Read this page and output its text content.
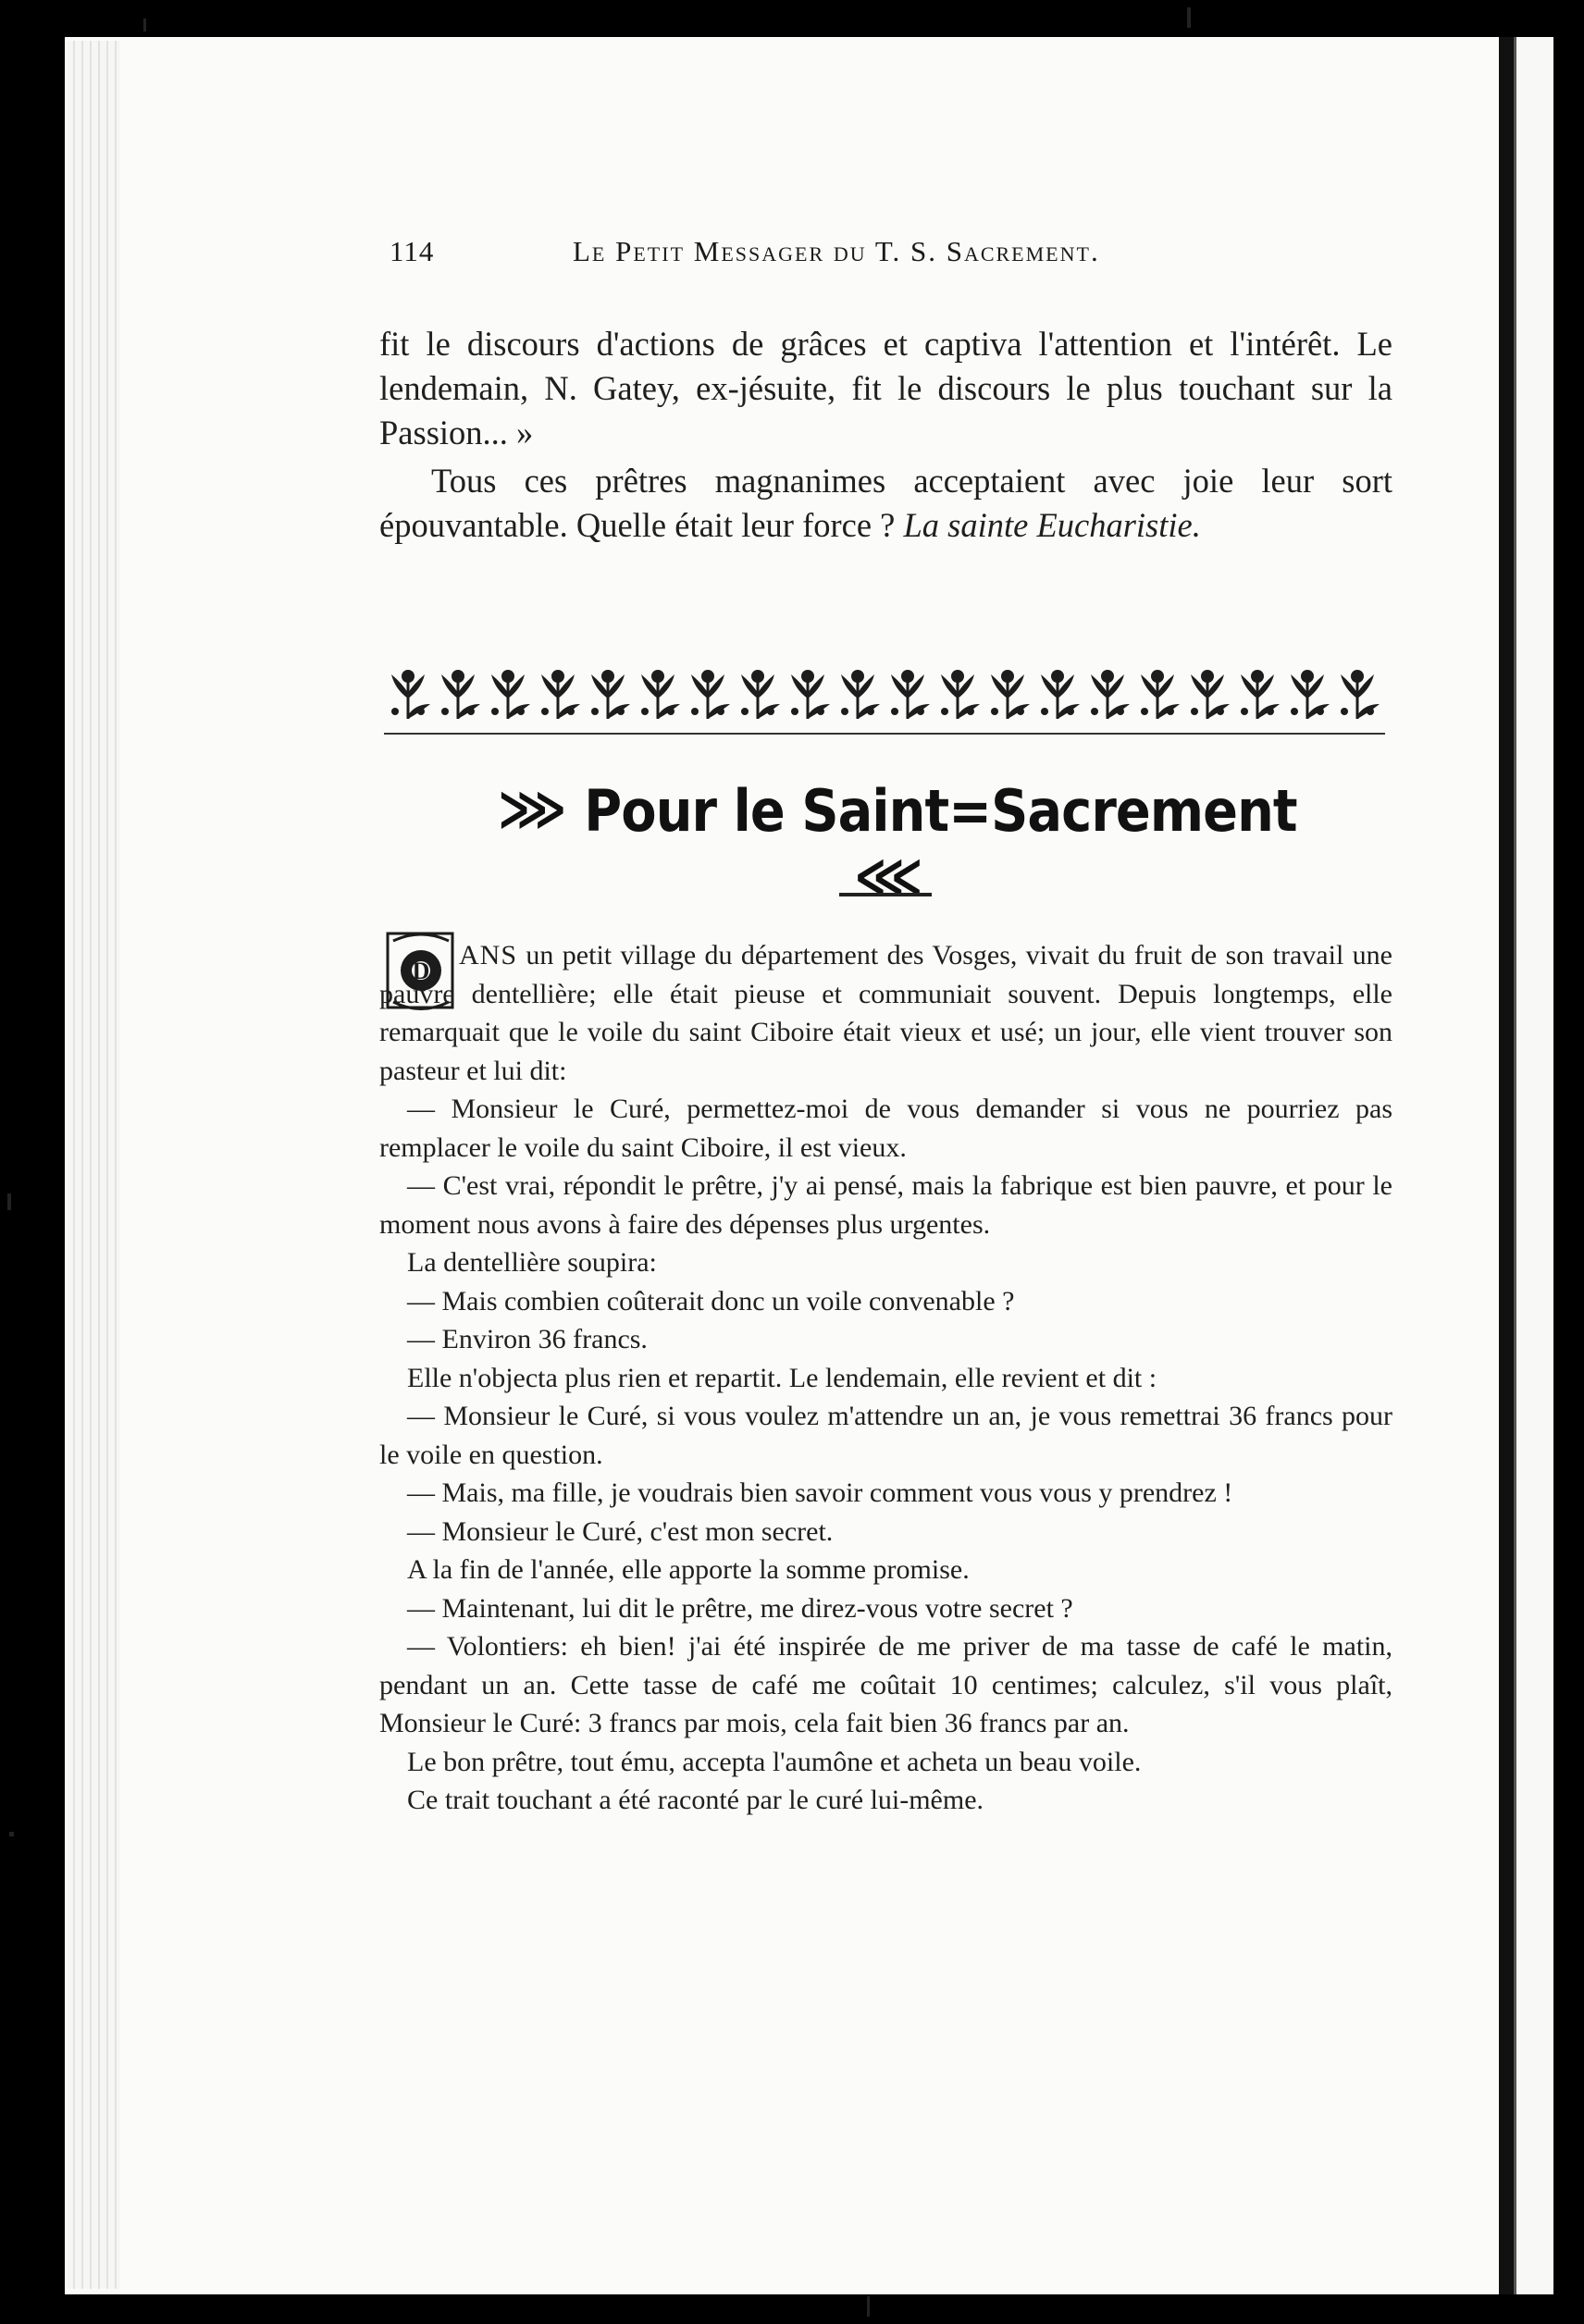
114	Le Petit Messager du T. S. Sacrement.

fit le discours d'actions de grâces et captiva l'attention et l'intérêt. Le lendemain, N. Gatey, ex-jésuite, fit le discours le plus touchant sur la Passion... »

Tous ces prêtres magnanimes acceptaient avec joie leur sort épouvantable. Quelle était leur force ? La sainte Eucharistie.

⋙ Pour le Saint=Sacrement⋘
D

ANS un petit village du département des Vosges, vivait du fruit de son travail une pauvre dentellière; elle était pieuse et communiait souvent. Depuis longtemps, elle remarquait que le voile du saint Ciboire était vieux et usé; un jour, elle vient trouver son pasteur et lui dit:

— Monsieur le Curé, permettez-moi de vous demander si vous ne pourriez pas remplacer le voile du saint Ciboire, il est vieux.

— C'est vrai, répondit le prêtre, j'y ai pensé, mais la fabrique est bien pauvre, et pour le moment nous avons à faire des dépenses plus urgentes.

La dentellière soupira:

— Mais combien coûterait donc un voile convenable ?

— Environ 36 francs.

Elle n'objecta plus rien et repartit. Le lendemain, elle revient et dit :

— Monsieur le Curé, si vous voulez m'attendre un an, je vous remettrai 36 francs pour le voile en question.

— Mais, ma fille, je voudrais bien savoir comment vous vous y prendrez !

— Monsieur le Curé, c'est mon secret.

A la fin de l'année, elle apporte la somme promise.

— Maintenant, lui dit le prêtre, me direz-vous votre secret ?

— Volontiers: eh bien! j'ai été inspirée de me priver de ma tasse de café le matin, pendant un an. Cette tasse de café me coûtait 10 centimes; calculez, s'il vous plaît, Monsieur le Curé: 3 francs par mois, cela fait bien 36 francs par an.

Le bon prêtre, tout ému, accepta l'aumône et acheta un beau voile.

Ce trait touchant a été raconté par le curé lui-même.
